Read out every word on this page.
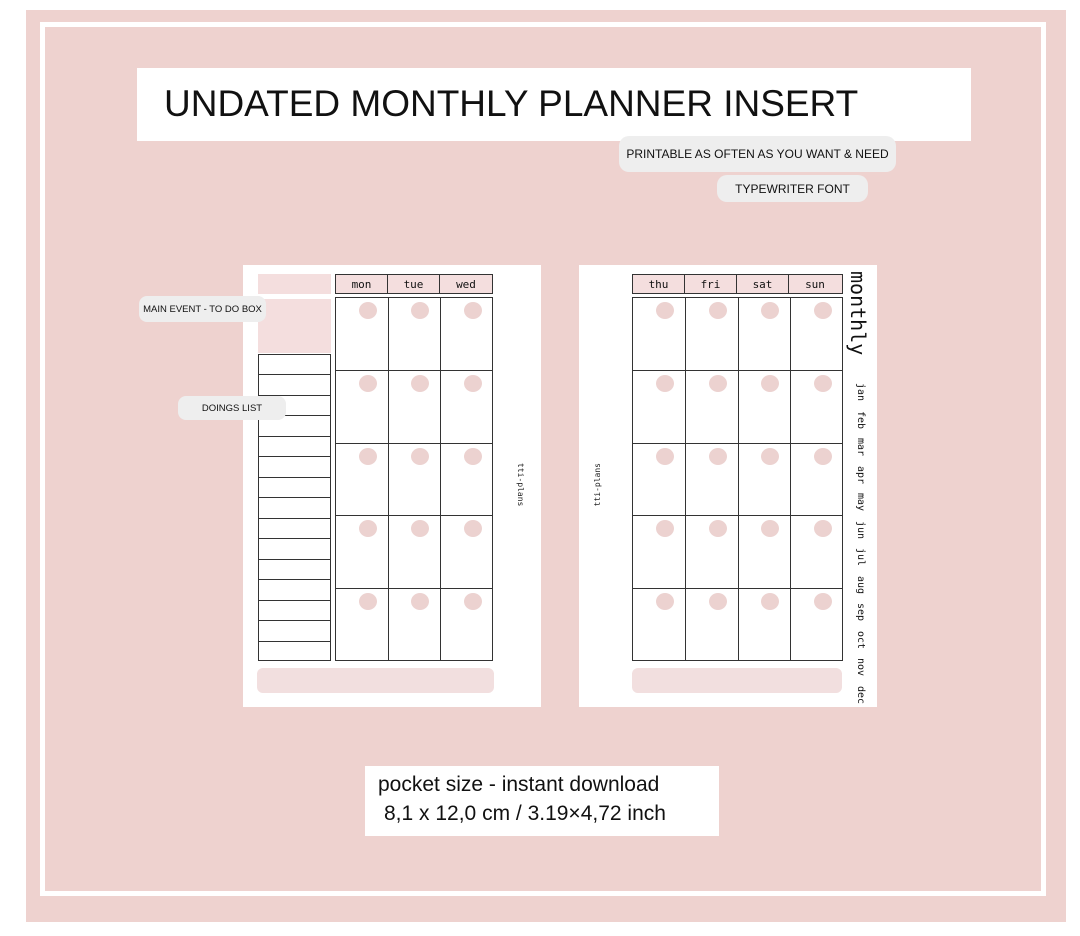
UNDATED MONTHLY PLANNER INSERT
PRINTABLE AS OFTEN AS YOU WANT & NEED
TYPEWRITER FONT
mon	tue	wed
tti-plans	tti-plans
thu	fri	sat	sun	monthly
jan
feb
mar
apr
may
jun
jul
aug
sep
oct
nov
dec
MAIN EVENT - TO DO BOX
DOINGS LIST
pocket size - instant download
8,1 x 12,0 cm / 3.19×4,72 inch
